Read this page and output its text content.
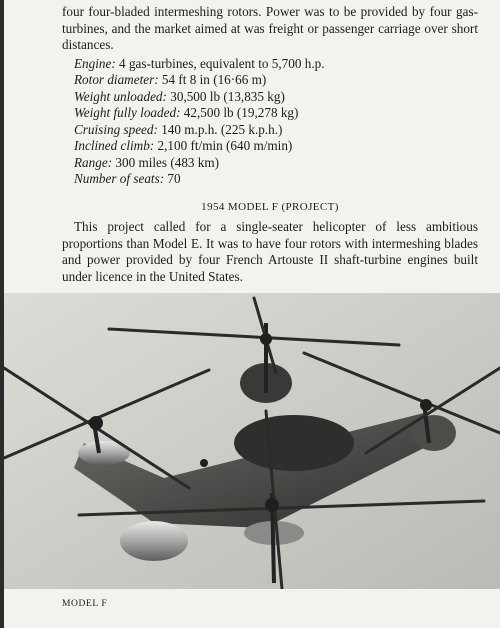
four four-bladed intermeshing rotors. Power was to be provided by four gas-turbines, and the market aimed at was freight or passenger carriage over short distances.

Engine: 4 gas-turbines, equivalent to 5,700 h.p.
Rotor diameter: 54 ft 8 in (16·66 m)
Weight unloaded: 30,500 lb (13,835 kg)
Weight fully loaded: 42,500 lb (19,278 kg)
Cruising speed: 140 m.p.h. (225 k.p.h.)
Inclined climb: 2,100 ft/min (640 m/min)
Range: 300 miles (483 km)
Number of seats: 70
1954 MODEL F (PROJECT)

This project called for a single-seater helicopter of less ambitious proportions than Model E. It was to have four rotors with intermeshing blades and power provided by four French Artouste II shaft-turbine engines built under licence in the United States.

MODEL F
